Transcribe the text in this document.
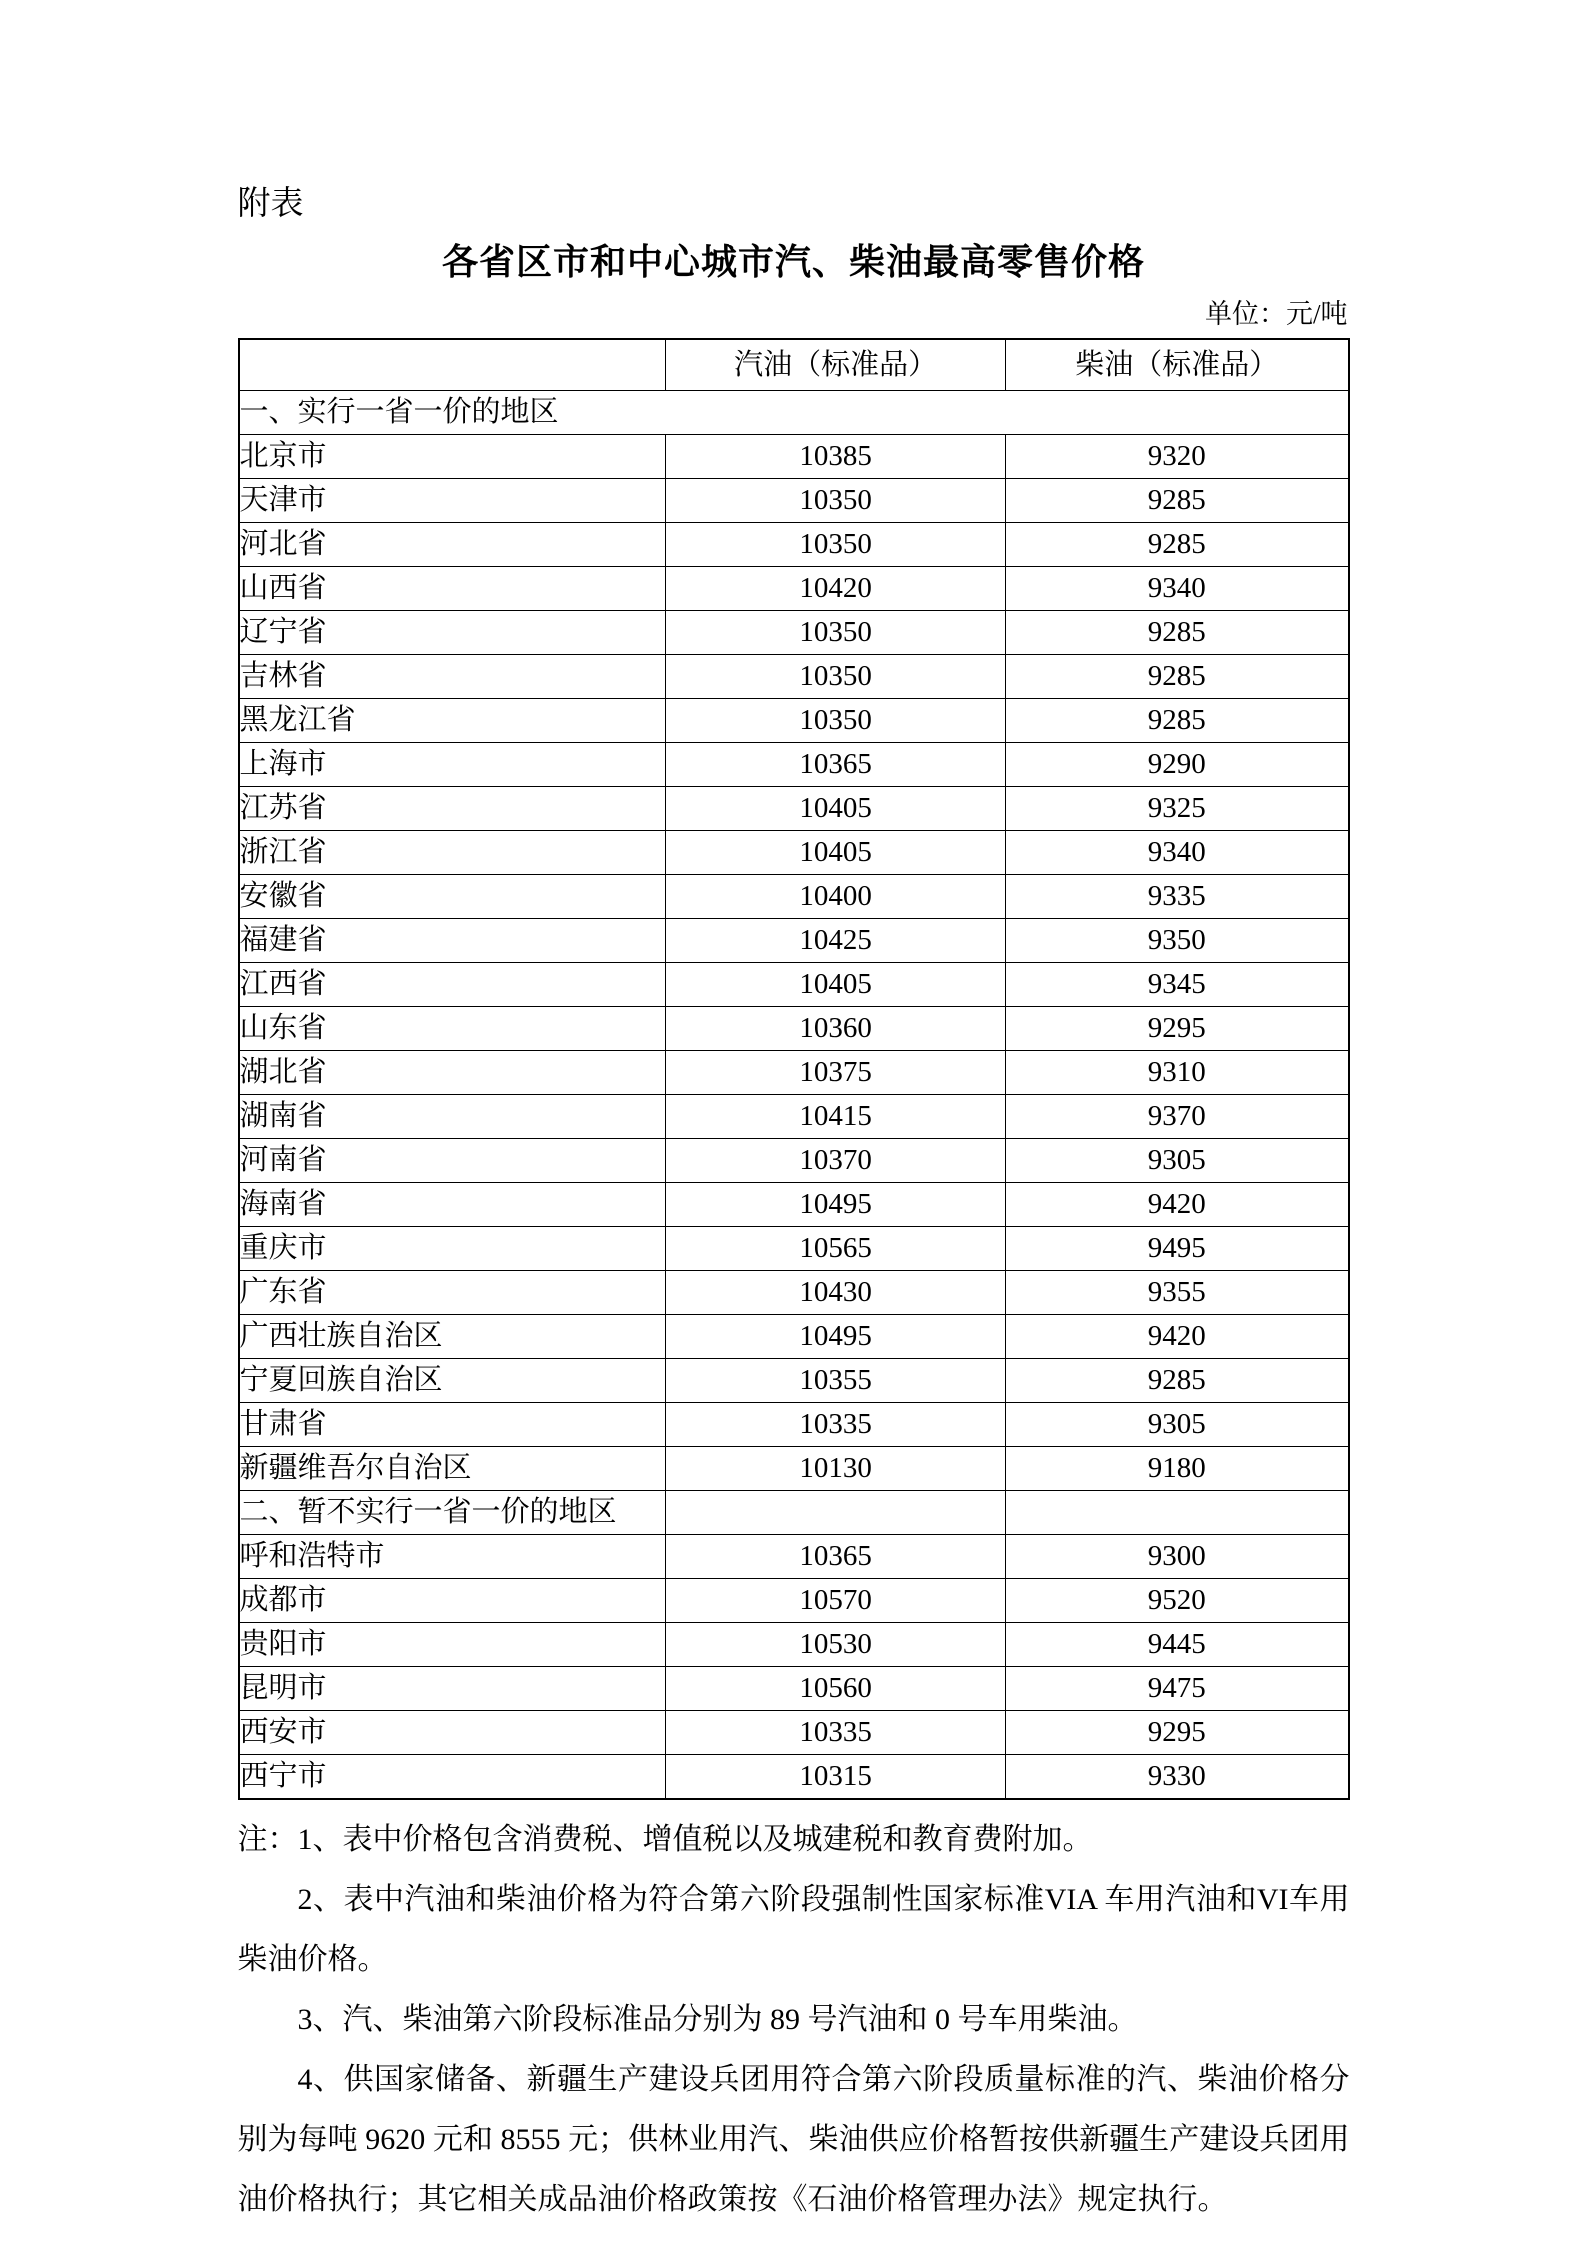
附表
各省区市和中心城市汽、柴油最高零售价格
单位：元/吨
	汽油（标准品）	柴油（标准品）
一、实行一省一价的地区		
北京市	10385	9320
天津市	10350	9285
河北省	10350	9285
山西省	10420	9340
辽宁省	10350	9285
吉林省	10350	9285
黑龙江省	10350	9285
上海市	10365	9290
江苏省	10405	9325
浙江省	10405	9340
安徽省	10400	9335
福建省	10425	9350
江西省	10405	9345
山东省	10360	9295
湖北省	10375	9310
湖南省	10415	9370
河南省	10370	9305
海南省	10495	9420
重庆市	10565	9495
广东省	10430	9355
广西壮族自治区	10495	9420
宁夏回族自治区	10355	9285
甘肃省	10335	9305
新疆维吾尔自治区	10130	9180
二、暂不实行一省一价的地区		
呼和浩特市	10365	9300
成都市	10570	9520
贵阳市	10530	9445
昆明市	10560	9475
西安市	10335	9295
西宁市	10315	9330

注：1、表中价格包含消费税、增值税以及城建税和教育费附加。

2、表中汽油和柴油价格为符合第六阶段强制性国家标准VIA 车用汽油和VI车用柴油价格。

3、汽、柴油第六阶段标准品分别为 89 号汽油和 0 号车用柴油。

4、供国家储备、新疆生产建设兵团用符合第六阶段质量标准的汽、柴油价格分别为每吨 9620 元和 8555 元；供林业用汽、柴油供应价格暂按供新疆生产建设兵团用油价格执行；其它相关成品油价格政策按《石油价格管理办法》规定执行。
